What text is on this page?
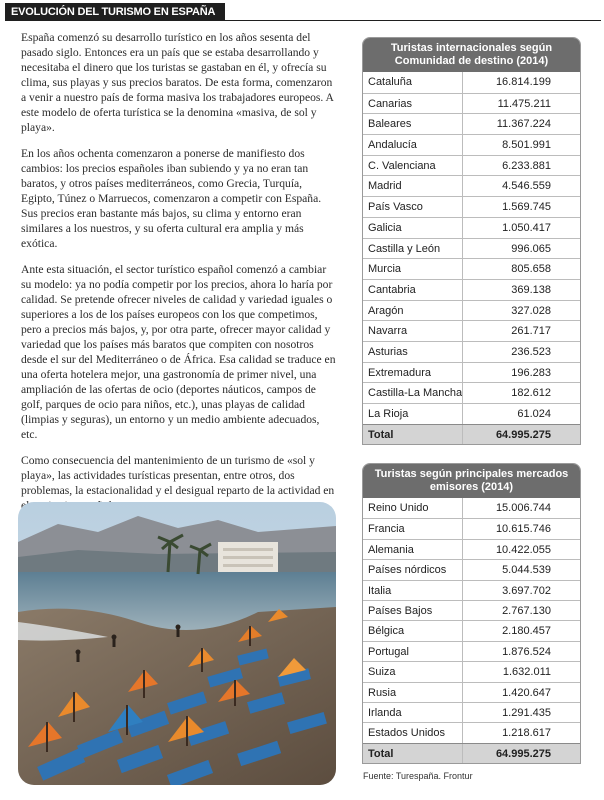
EVOLUCIÓN DEL TURISMO EN ESPAÑA

España comenzó su desarrollo turístico en los años sesenta del pasado siglo. Entonces era un país que se estaba desarrollando y necesitaba el dinero que los turistas se gastaban en él, y ofrecía su clima, sus playas y sus precios baratos. De esta forma, comenzaron a venir a nuestro país de forma masiva los trabajadores europeos. A este modelo de oferta turística se la denomina «masiva, de sol y playa».

En los años ochenta comenzaron a ponerse de manifiesto dos cambios: los precios españoles iban subiendo y ya no eran tan baratos, y otros países mediterráneos, como Grecia, Turquía, Egipto, Túnez o Marruecos, comenzaron a competir con España. Sus precios eran bastante más bajos, su clima y entorno eran similares a los nuestros, y su oferta cultural era amplia y más exótica.

Ante esta situación, el sector turístico español comenzó a cambiar su modelo: ya no podía competir por los precios, ahora lo haría por calidad. Se pretende ofrecer niveles de calidad y variedad iguales o superiores a los de los países europeos con los que competimos, pero a precios más bajos, y, por otra parte, ofrecer mayor calidad y variedad que los países más baratos que compiten con nosotros desde el sur del Mediterráneo o de África. Esa calidad se traduce en una oferta hotelera mejor, una gastronomía de primer nivel, una ampliación de las ofertas de ocio (deportes náuticos, campos de golf, parques de ocio para niños, etc.), unas playas de calidad (limpias y seguras), un entorno y un medio ambiente adecuados, etc.

Como consecuencia del mantenimiento de un turismo de «sol y playa», las actividades turísticas presentan, entre otros, dos problemas, la estacionalidad y el desigual reparto de la actividad en

Turistas internacionales según Comunidad de destino (2014)
Cataluña	16.814.199
Canarias	11.475.211
Baleares	11.367.224
Andalucía	8.501.991
C. Valenciana	6.233.881
Madrid	4.546.559
País Vasco	1.569.745
Galicia	1.050.417
Castilla y León	996.065
Murcia	805.658
Cantabria	369.138
Aragón	327.028
Navarra	261.717
Asturias	236.523
Extremadura	196.283
Castilla-La Mancha	182.612
La Rioja	61.024
Total	64.995.275
Turistas según principales mercados emisores (2014)
Reino Unido	15.006.744
Francia	10.615.746
Alemania	10.422.055
Países nórdicos	5.044.539
Italia	3.697.702
Países Bajos	2.767.130
Bélgica	2.180.457
Portugal	1.876.524
Suiza	1.632.011
Rusia	1.420.647
Irlanda	1.291.435
Estados Unidos	1.218.617
Total	64.995.275
Fuente: Turespaña. Frontur
